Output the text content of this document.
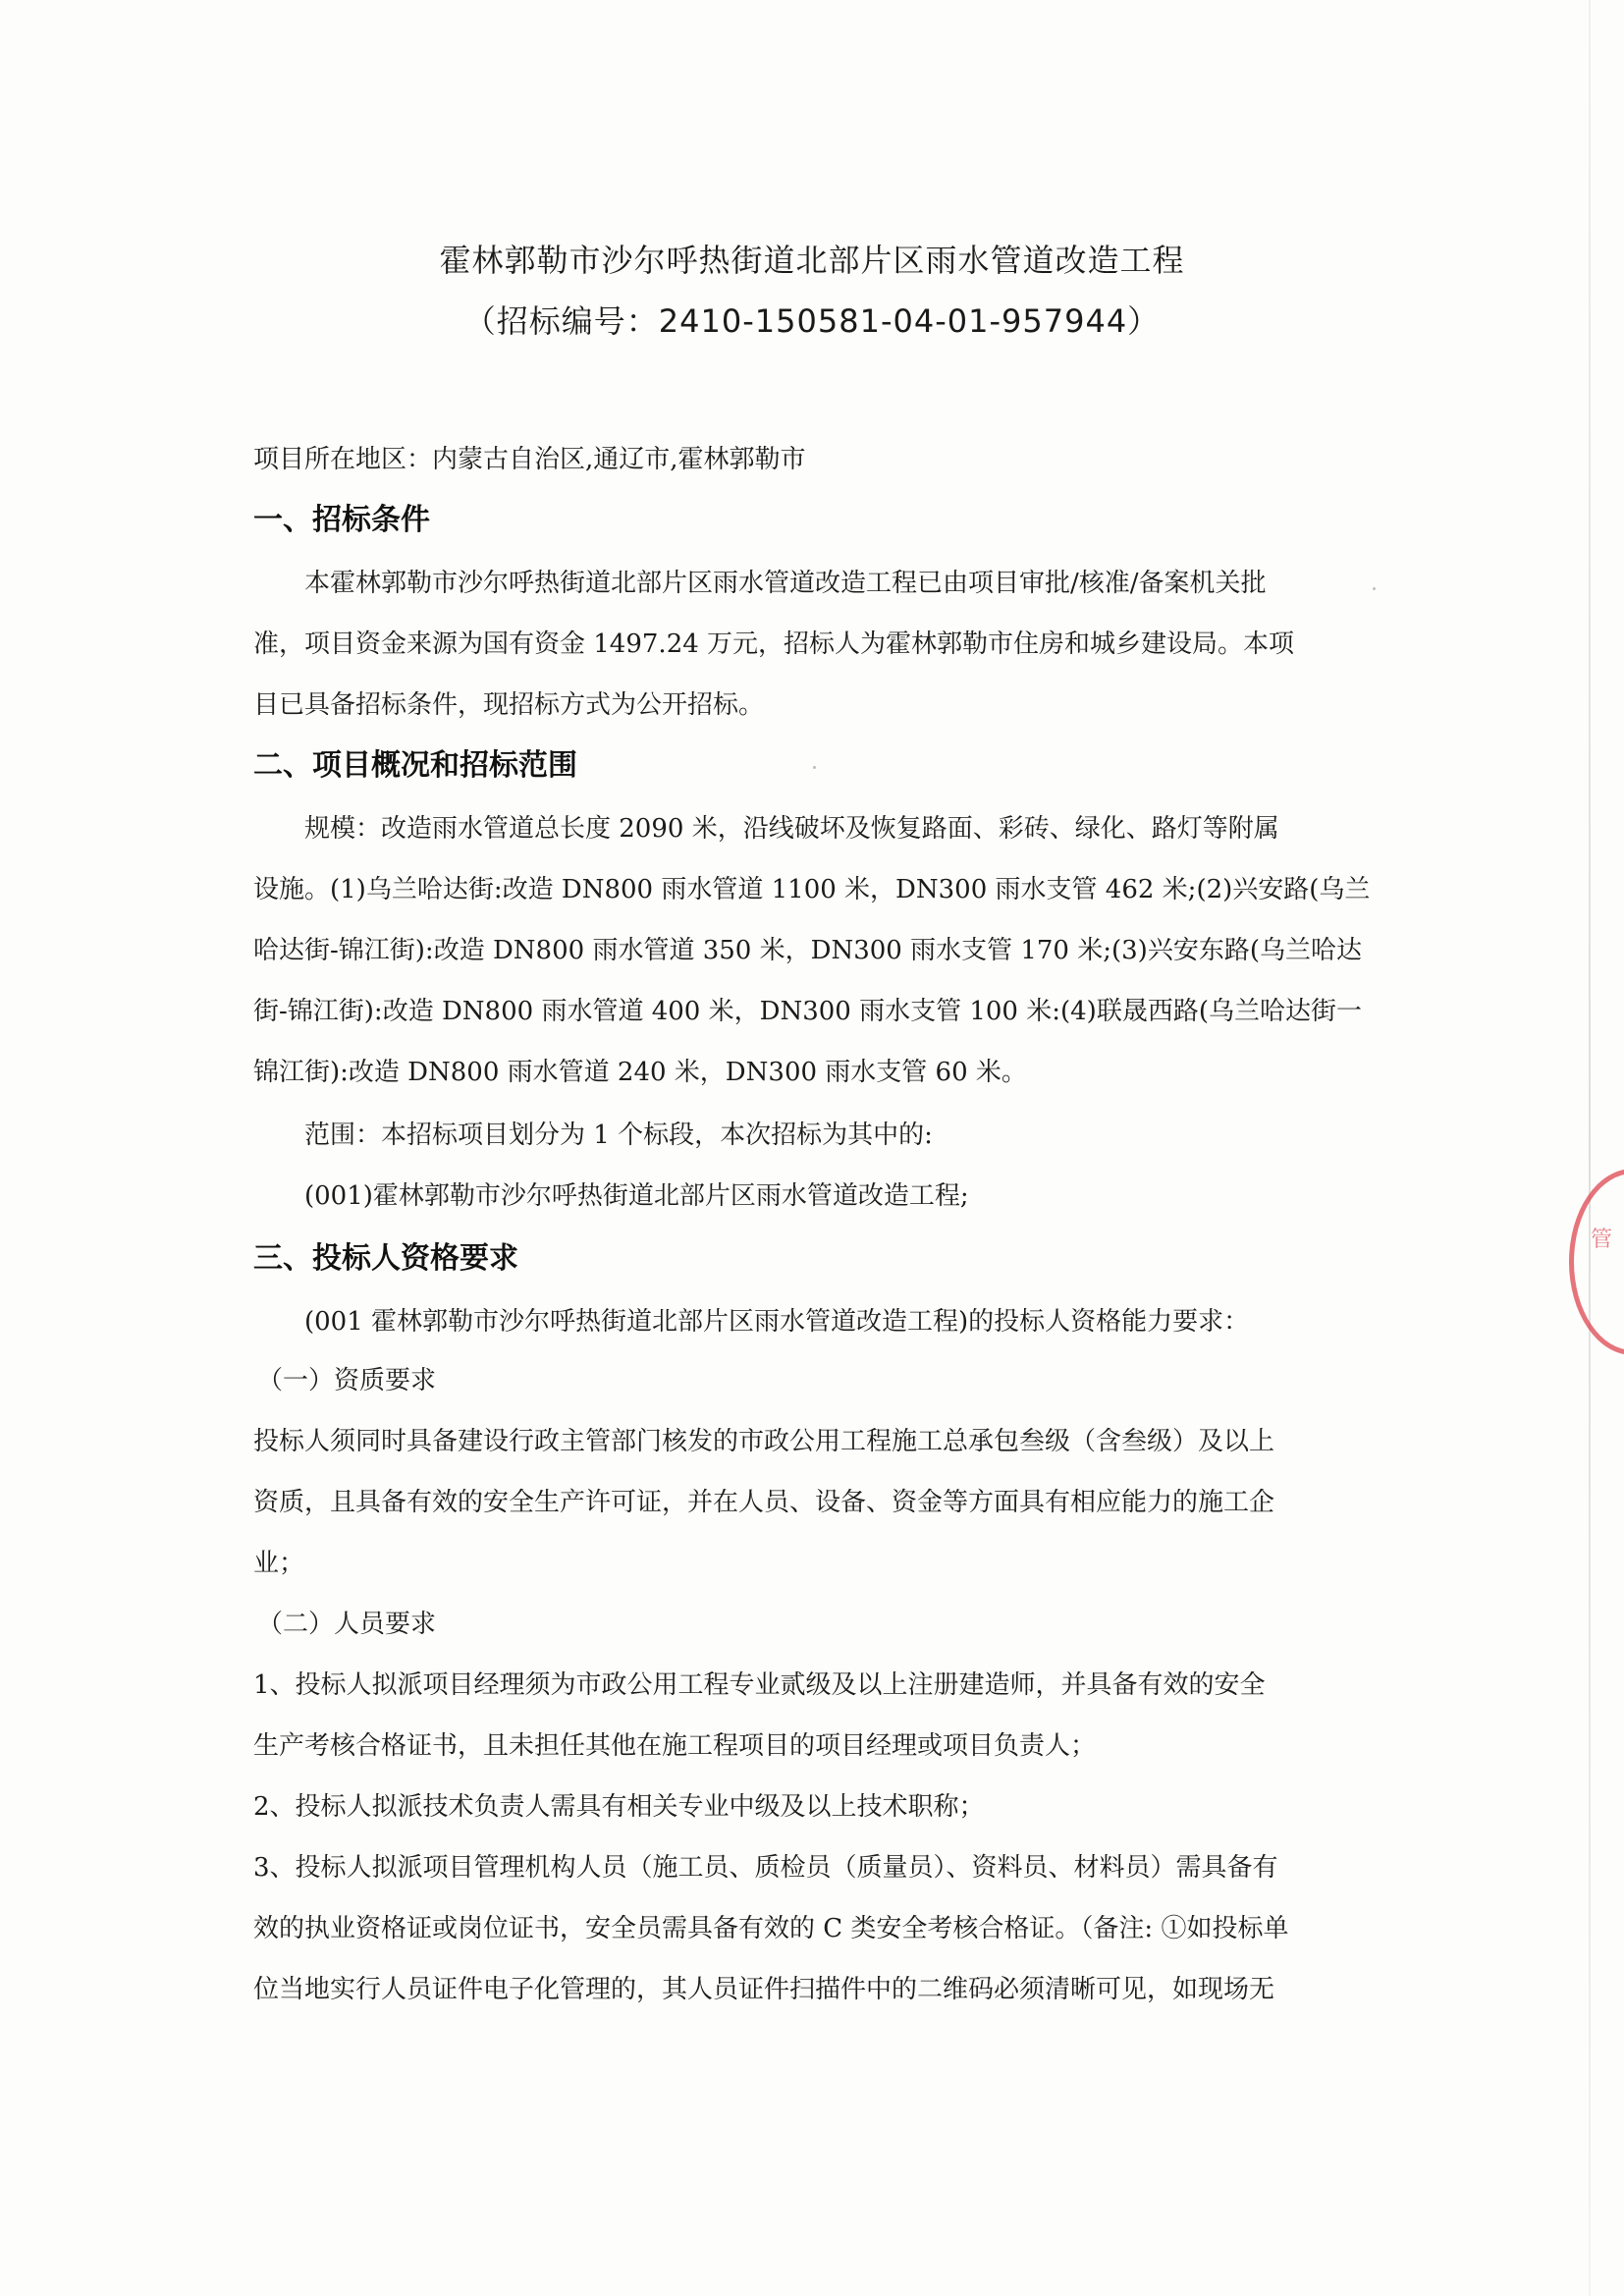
霍林郭勒市沙尔呼热街道北部片区雨水管道改造工程
（招标编号：2410-150581-04-01-957944）
项目所在地区：内蒙古自治区,通辽市,霍林郭勒市
一、招标条件
本霍林郭勒市沙尔呼热街道北部片区雨水管道改造工程已由项目审批/核准/备案机关批
准，项目资金来源为国有资金 1497.24 万元，招标人为霍林郭勒市住房和城乡建设局。本项
目已具备招标条件，现招标方式为公开招标。
二、项目概况和招标范围
规模：改造雨水管道总长度 2090 米，沿线破坏及恢复路面、彩砖、绿化、路灯等附属
设施。(1)乌兰哈达街:改造 DN800 雨水管道 1100 米，DN300 雨水支管 462 米;(2)兴安路(乌兰
哈达街-锦江街):改造 DN800 雨水管道 350 米，DN300 雨水支管 170 米;(3)兴安东路(乌兰哈达
街-锦江街):改造 DN800 雨水管道 400 米，DN300 雨水支管 100 米:(4)联晟西路(乌兰哈达街一
锦江街):改造 DN800 雨水管道 240 米，DN300 雨水支管 60 米。
范围：本招标项目划分为 1 个标段，本次招标为其中的:
(001)霍林郭勒市沙尔呼热街道北部片区雨水管道改造工程;
三、投标人资格要求
(001 霍林郭勒市沙尔呼热街道北部片区雨水管道改造工程)的投标人资格能力要求：
（一）资质要求
投标人须同时具备建设行政主管部门核发的市政公用工程施工总承包叁级（含叁级）及以上
资质，且具备有效的安全生产许可证，并在人员、设备、资金等方面具有相应能力的施工企
业；
（二）人员要求
1、投标人拟派项目经理须为市政公用工程专业贰级及以上注册建造师，并具备有效的安全
生产考核合格证书，且未担任其他在施工程项目的项目经理或项目负责人；
2、投标人拟派技术负责人需具有相关专业中级及以上技术职称；
3、投标人拟派项目管理机构人员（施工员、质检员（质量员）、资料员、材料员）需具备有
效的执业资格证或岗位证书，安全员需具备有效的 C 类安全考核合格证。（备注: ①如投标单
位当地实行人员证件电子化管理的，其人员证件扫描件中的二维码必须清晰可见，如现场无
管
